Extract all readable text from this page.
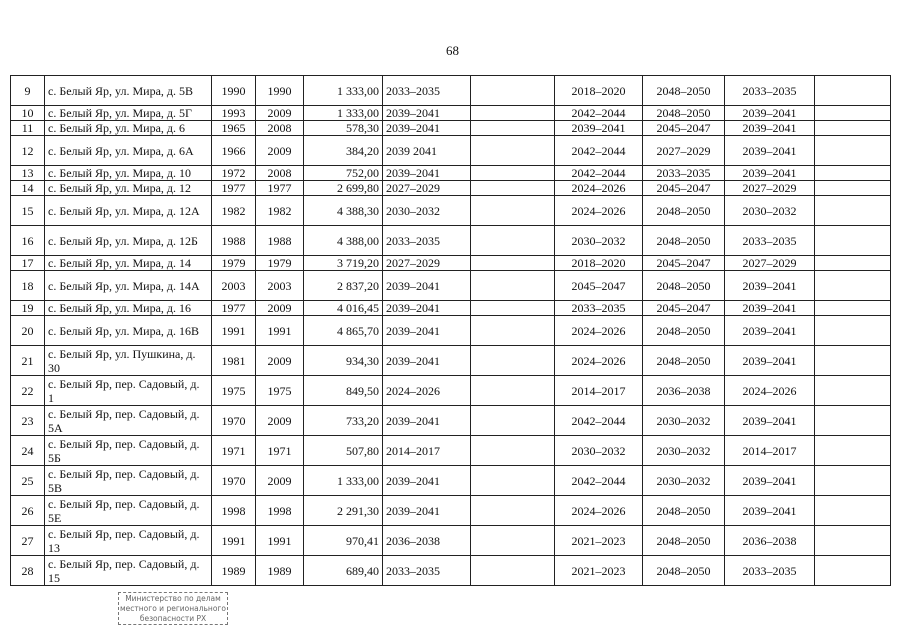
68
9	с. Белый Яр, ул. Мира, д. 5В	1990	1990	1 333,00	2033–2035		2018–2020	2048–2050	2033–2035	
10	с. Белый Яр, ул. Мира, д. 5Г	1993	2009	1 333,00	2039–2041		2042–2044	2048–2050	2039–2041	
11	с. Белый Яр, ул. Мира, д. 6	1965	2008	578,30	2039–2041		2039–2041	2045–2047	2039–2041	
12	с. Белый Яр, ул. Мира, д. 6А	1966	2009	384,20	2039 2041		2042–2044	2027–2029	2039–2041	
13	с. Белый Яр, ул. Мира, д. 10	1972	2008	752,00	2039–2041		2042–2044	2033–2035	2039–2041	
14	с. Белый Яр, ул. Мира, д. 12	1977	1977	2 699,80	2027–2029		2024–2026	2045–2047	2027–2029	
15	с. Белый Яр, ул. Мира, д. 12А	1982	1982	4 388,30	2030–2032		2024–2026	2048–2050	2030–2032	
16	с. Белый Яр, ул. Мира, д. 12Б	1988	1988	4 388,00	2033–2035		2030–2032	2048–2050	2033–2035	
17	с. Белый Яр, ул. Мира, д. 14	1979	1979	3 719,20	2027–2029		2018–2020	2045–2047	2027–2029	
18	с. Белый Яр, ул. Мира, д. 14А	2003	2003	2 837,20	2039–2041		2045–2047	2048–2050	2039–2041	
19	с. Белый Яр, ул. Мира, д. 16	1977	2009	4 016,45	2039–2041		2033–2035	2045–2047	2039–2041	
20	с. Белый Яр, ул. Мира, д. 16В	1991	1991	4 865,70	2039–2041		2024–2026	2048–2050	2039–2041	
21	с. Белый Яр, ул. Пушкина, д. 30	1981	2009	934,30	2039–2041		2024–2026	2048–2050	2039–2041	
22	с. Белый Яр, пер. Садовый, д. 1	1975	1975	849,50	2024–2026		2014–2017	2036–2038	2024–2026	
23	с. Белый Яр, пер. Садовый, д. 5А	1970	2009	733,20	2039–2041		2042–2044	2030–2032	2039–2041	
24	с. Белый Яр, пер. Садовый, д. 5Б	1971	1971	507,80	2014–2017		2030–2032	2030–2032	2014–2017	
25	с. Белый Яр, пер. Садовый, д. 5В	1970	2009	1 333,00	2039–2041		2042–2044	2030–2032	2039–2041	
26	с. Белый Яр, пер. Садовый, д. 5Е	1998	1998	2 291,30	2039–2041		2024–2026	2048–2050	2039–2041	
27	с. Белый Яр, пер. Садовый, д. 13	1991	1991	970,41	2036–2038		2021–2023	2048–2050	2036–2038	
28	с. Белый Яр, пер. Садовый, д. 15	1989	1989	689,40	2033–2035		2021–2023	2048–2050	2033–2035	
Министерство по делам
местного и регионального
безопасности РХ
